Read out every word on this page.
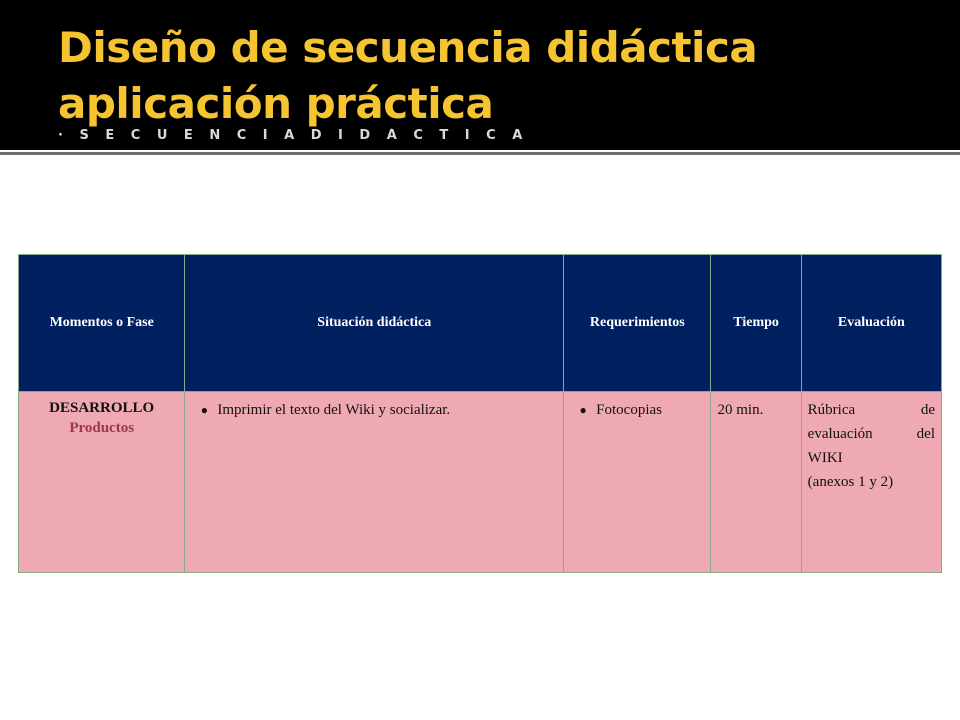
Diseño de secuencia didáctica aplicación práctica
· S E C U E N C I A D I D Á C T I C A
Momentos o Fase	Situación didáctica	Requerimientos	Tiempo	Evaluación

DESARROLLO
Productos	● Imprimir el texto del Wiki y socializar.	● Fotocopias	20 min.	Rúbrica de
evaluación del
WIKI
(anexos 1 y 2)
